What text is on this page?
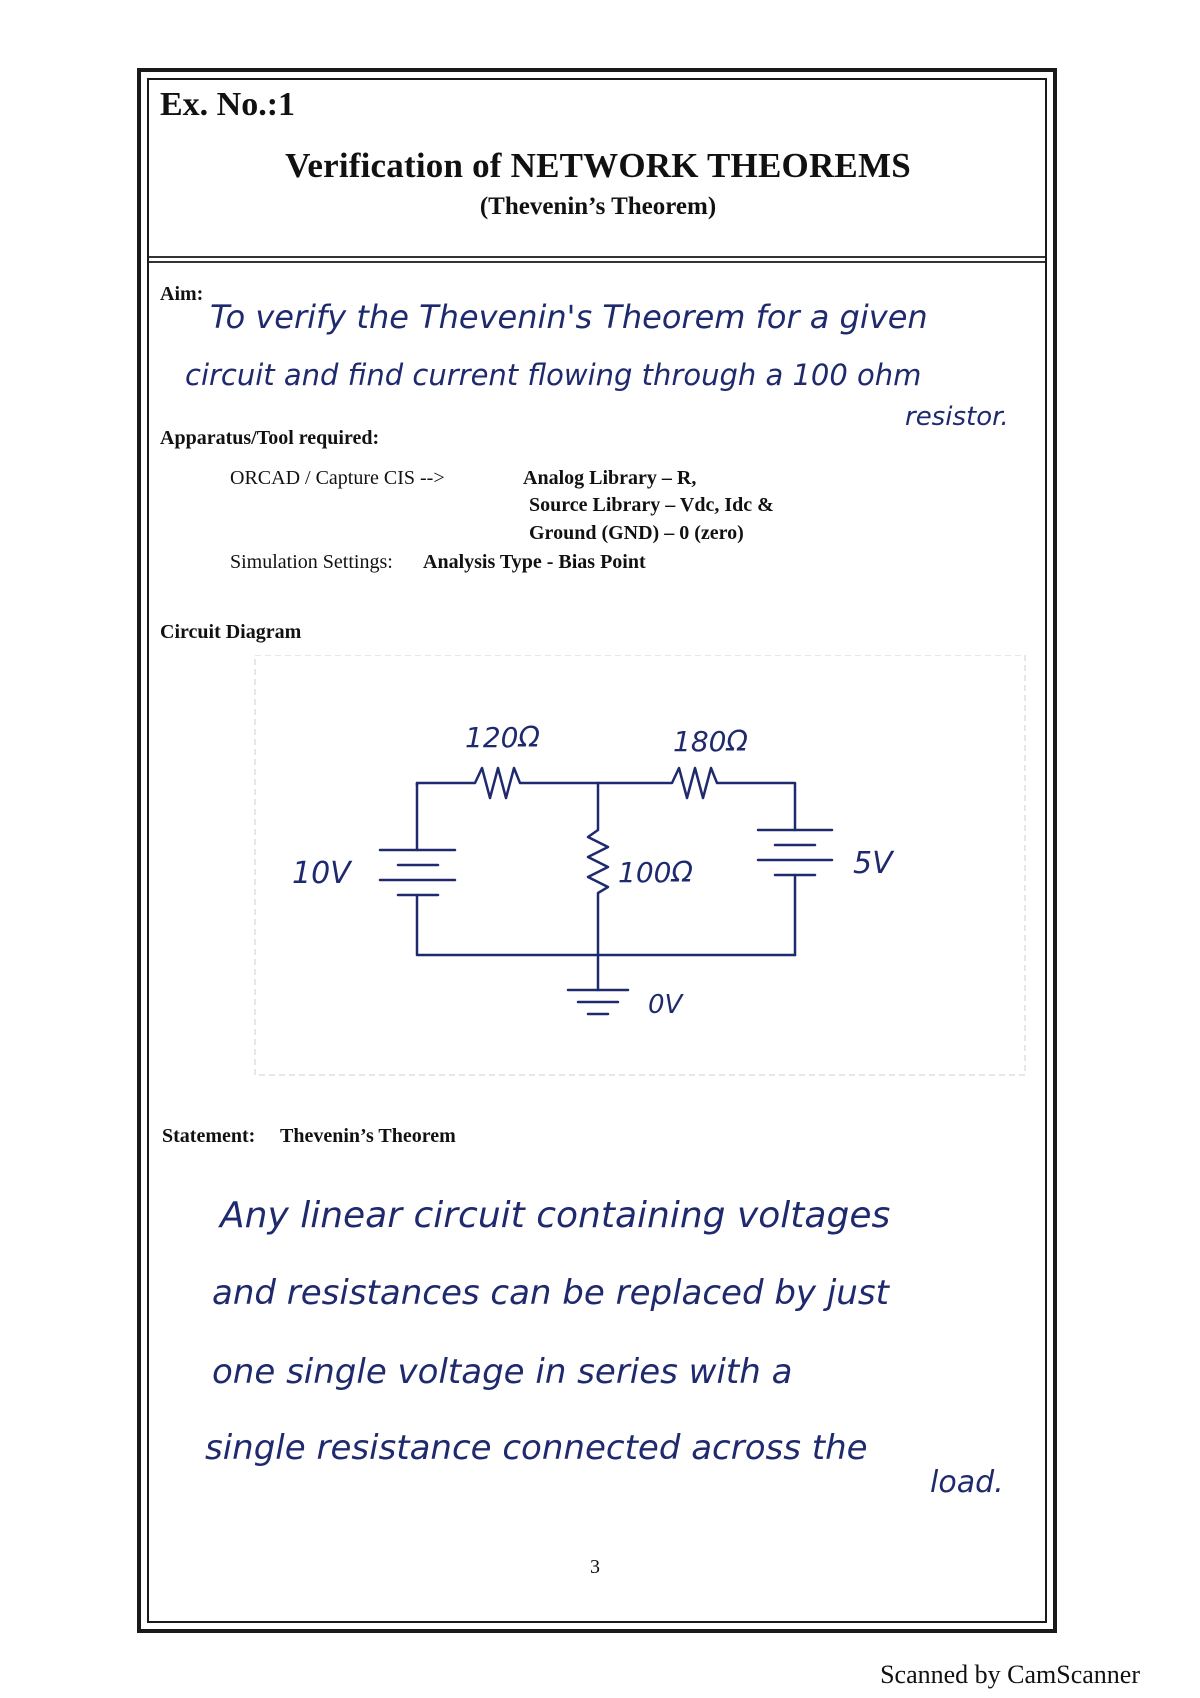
Ex. No.:1
Verification of NETWORK THEOREMS
(Thevenin’s Theorem)
Aim:
To verify the Thevenin's Theorem for a given
circuit and find current flowing through a 100 ohm
resistor.
Apparatus/Tool required:
ORCAD / Capture CIS -->	Analog Library – R,
Source Library – Vdc, Idc &
Ground (GND) – 0 (zero)
Simulation Settings: Analysis Type - Bias Point
Circuit Diagram
120Ω	180Ω
100Ω
10V	5V
0V
Statement: Thevenin’s Theorem
Any linear circuit containing voltages
and resistances can be replaced by just
one single voltage in series with a
single resistance connected across the
load.
3
Scanned by CamScanner
